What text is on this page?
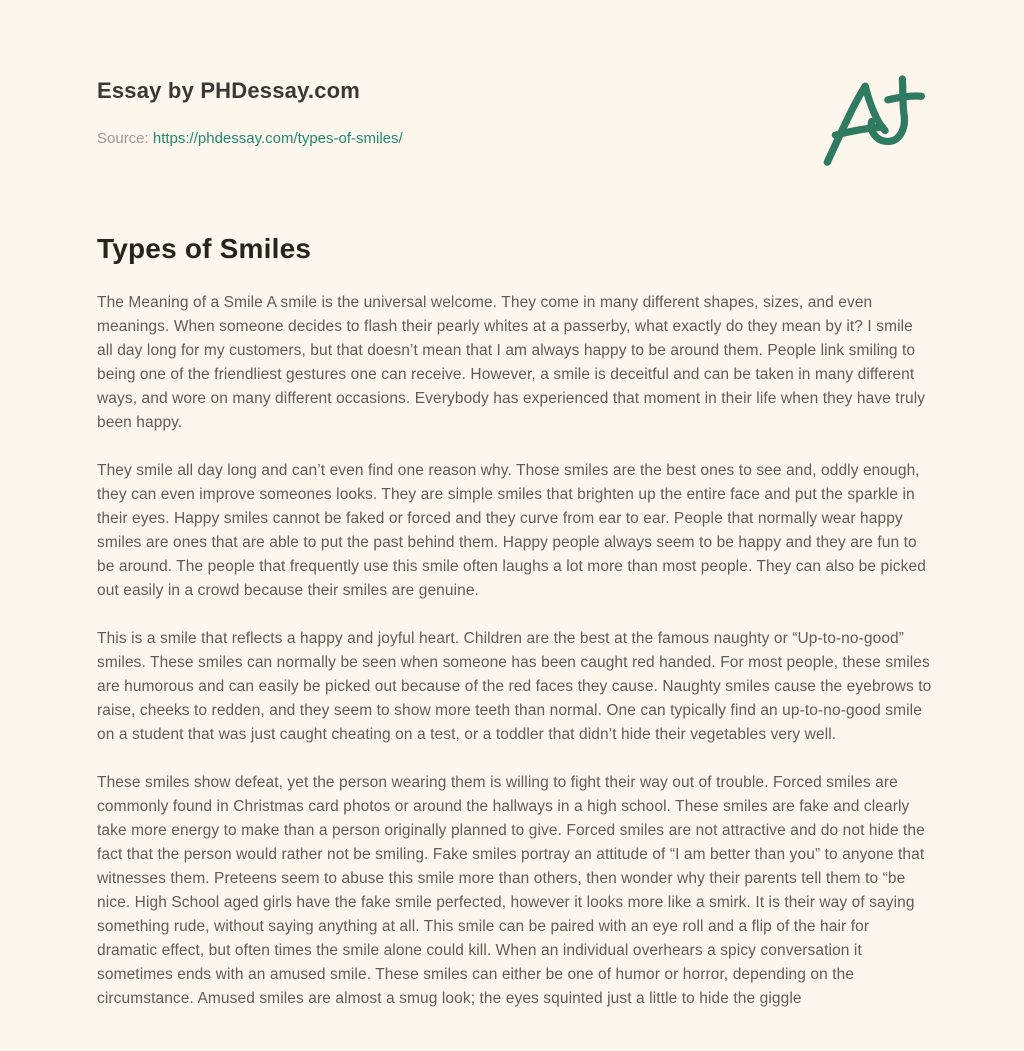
Essay by PHDessay.com
Source: https://phdessay.com/types-of-smiles/
Types of Smiles

The Meaning of a Smile A smile is the universal welcome. They come in many different shapes, sizes, and even meanings. When someone decides to flash their pearly whites at a passerby, what exactly do they mean by it? I smile all day long for my customers, but that doesn’t mean that I am always happy to be around them. People link smiling to being one of the friendliest gestures one can receive. However, a smile is deceitful and can be taken in many different ways, and wore on many different occasions. Everybody has experienced that moment in their life when they have truly been happy.

They smile all day long and can’t even find one reason why. Those smiles are the best ones to see and, oddly enough, they can even improve someones looks. They are simple smiles that brighten up the entire face and put the sparkle in their eyes. Happy smiles cannot be faked or forced and they curve from ear to ear. People that normally wear happy smiles are ones that are able to put the past behind them. Happy people always seem to be happy and they are fun to be around. The people that frequently use this smile often laughs a lot more than most people. They can also be picked out easily in a crowd because their smiles are genuine.

This is a smile that reflects a happy and joyful heart. Children are the best at the famous naughty or “Up-to-no-good” smiles. These smiles can normally be seen when someone has been caught red handed. For most people, these smiles are humorous and can easily be picked out because of the red faces they cause. Naughty smiles cause the eyebrows to raise, cheeks to redden, and they seem to show more teeth than normal. One can typically find an up-to-no-good smile on a student that was just caught cheating on a test, or a toddler that didn’t hide their vegetables very well.

These smiles show defeat, yet the person wearing them is willing to fight their way out of trouble. Forced smiles are commonly found in Christmas card photos or around the hallways in a high school. These smiles are fake and clearly take more energy to make than a person originally planned to give. Forced smiles are not attractive and do not hide the fact that the person would rather not be smiling. Fake smiles portray an attitude of “I am better than you” to anyone that witnesses them. Preteens seem to abuse this smile more than others, then wonder why their parents tell them to “be nice. High School aged girls have the fake smile perfected, however it looks more like a smirk. It is their way of saying something rude, without saying anything at all. This smile can be paired with an eye roll and a flip of the hair for dramatic effect, but often times the smile alone could kill. When an individual overhears a spicy conversation it sometimes ends with an amused smile. These smiles can either be one of humor or horror, depending on the circumstance. Amused smiles are almost a smug look; the eyes squinted just a little to hide the giggle
